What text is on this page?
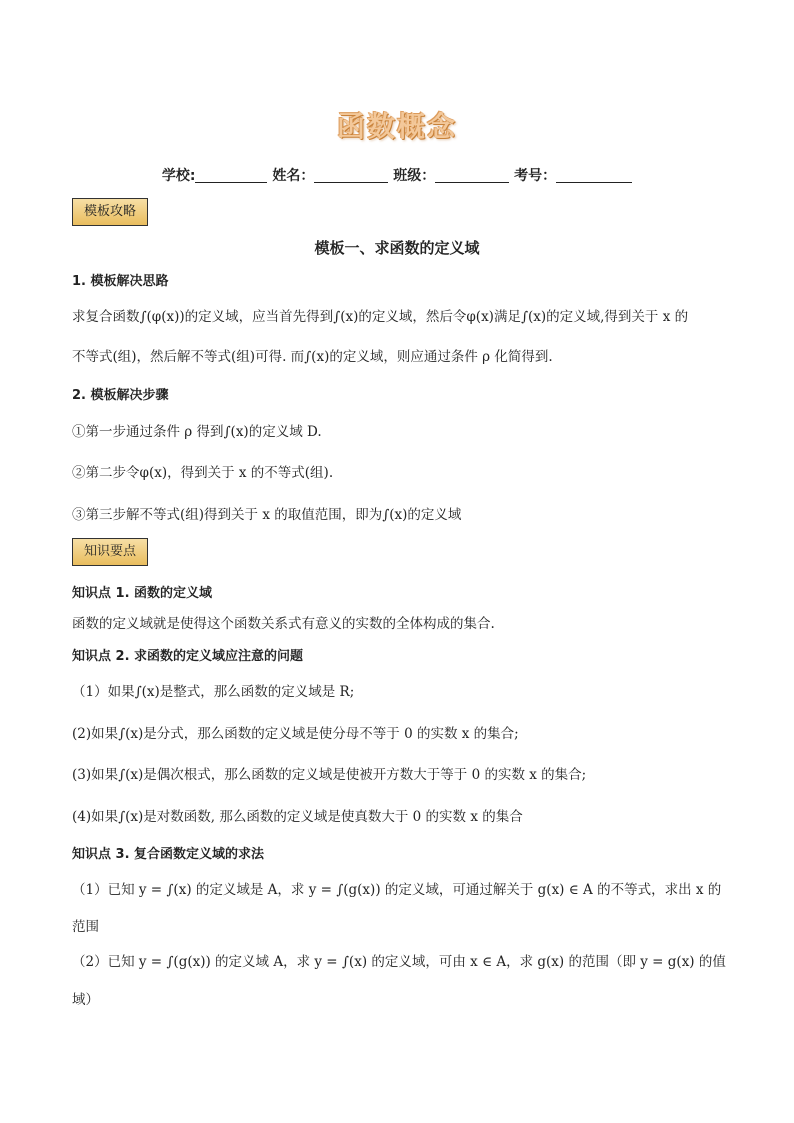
函数概念
学校:	姓名：	班级：	考号：
模板攻略
模板一、求函数的定义域
1. 模板解决思路
求复合函数∫(φ(x))的定义域，应当首先得到∫(x)的定义域，然后令φ(x)满足∫(x)的定义域,得到关于 x 的
不等式(组)，然后解不等式(组)可得. 而∫(x)的定义域，则应通过条件 ρ 化简得到.
2. 模板解决步骤
①第一步通过条件 ρ 得到∫(x)的定义域 D.
②第二步令φ(x)，得到关于 x 的不等式(组).
③第三步解不等式(组)得到关于 x 的取值范围，即为∫(x)的定义域
知识要点
知识点 1. 函数的定义域
函数的定义域就是使得这个函数关系式有意义的实数的全体构成的集合.
知识点 2. 求函数的定义域应注意的问题
（1）如果∫(x)是整式，那么函数的定义域是 R;
(2)如果∫(x)是分式，那么函数的定义域是使分母不等于 0 的实数 x 的集合;
(3)如果∫(x)是偶次根式，那么函数的定义域是使被开方数大于等于 0 的实数 x 的集合;
(4)如果∫(x)是对数函数, 那么函数的定义域是使真数大于 0 的实数 x 的集合
知识点 3. 复合函数定义域的求法
（1）已知 y = ∫(x) 的定义域是 A，求 y = ∫(g(x)) 的定义域，可通过解关于 g(x) ∈ A 的不等式，求出 x 的
范围
（2）已知 y = ∫(g(x)) 的定义域 A，求 y = ∫(x) 的定义域，可由 x ∈ A，求 g(x) 的范围（即 y = g(x) 的值
域）
